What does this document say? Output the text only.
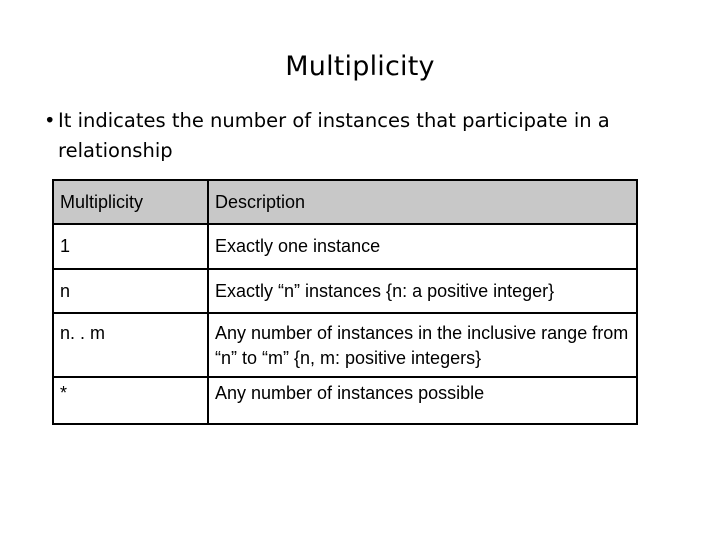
Multiplicity
• It indicates the number of instances that participate in a
relationship
Multiplicity	Description
1	Exactly one instance
n	Exactly “n” instances {n: a positive integer}
n. . m	Any number of instances in the inclusive range from “n” to “m” {n, m: positive integers}
*	Any number of instances possible
